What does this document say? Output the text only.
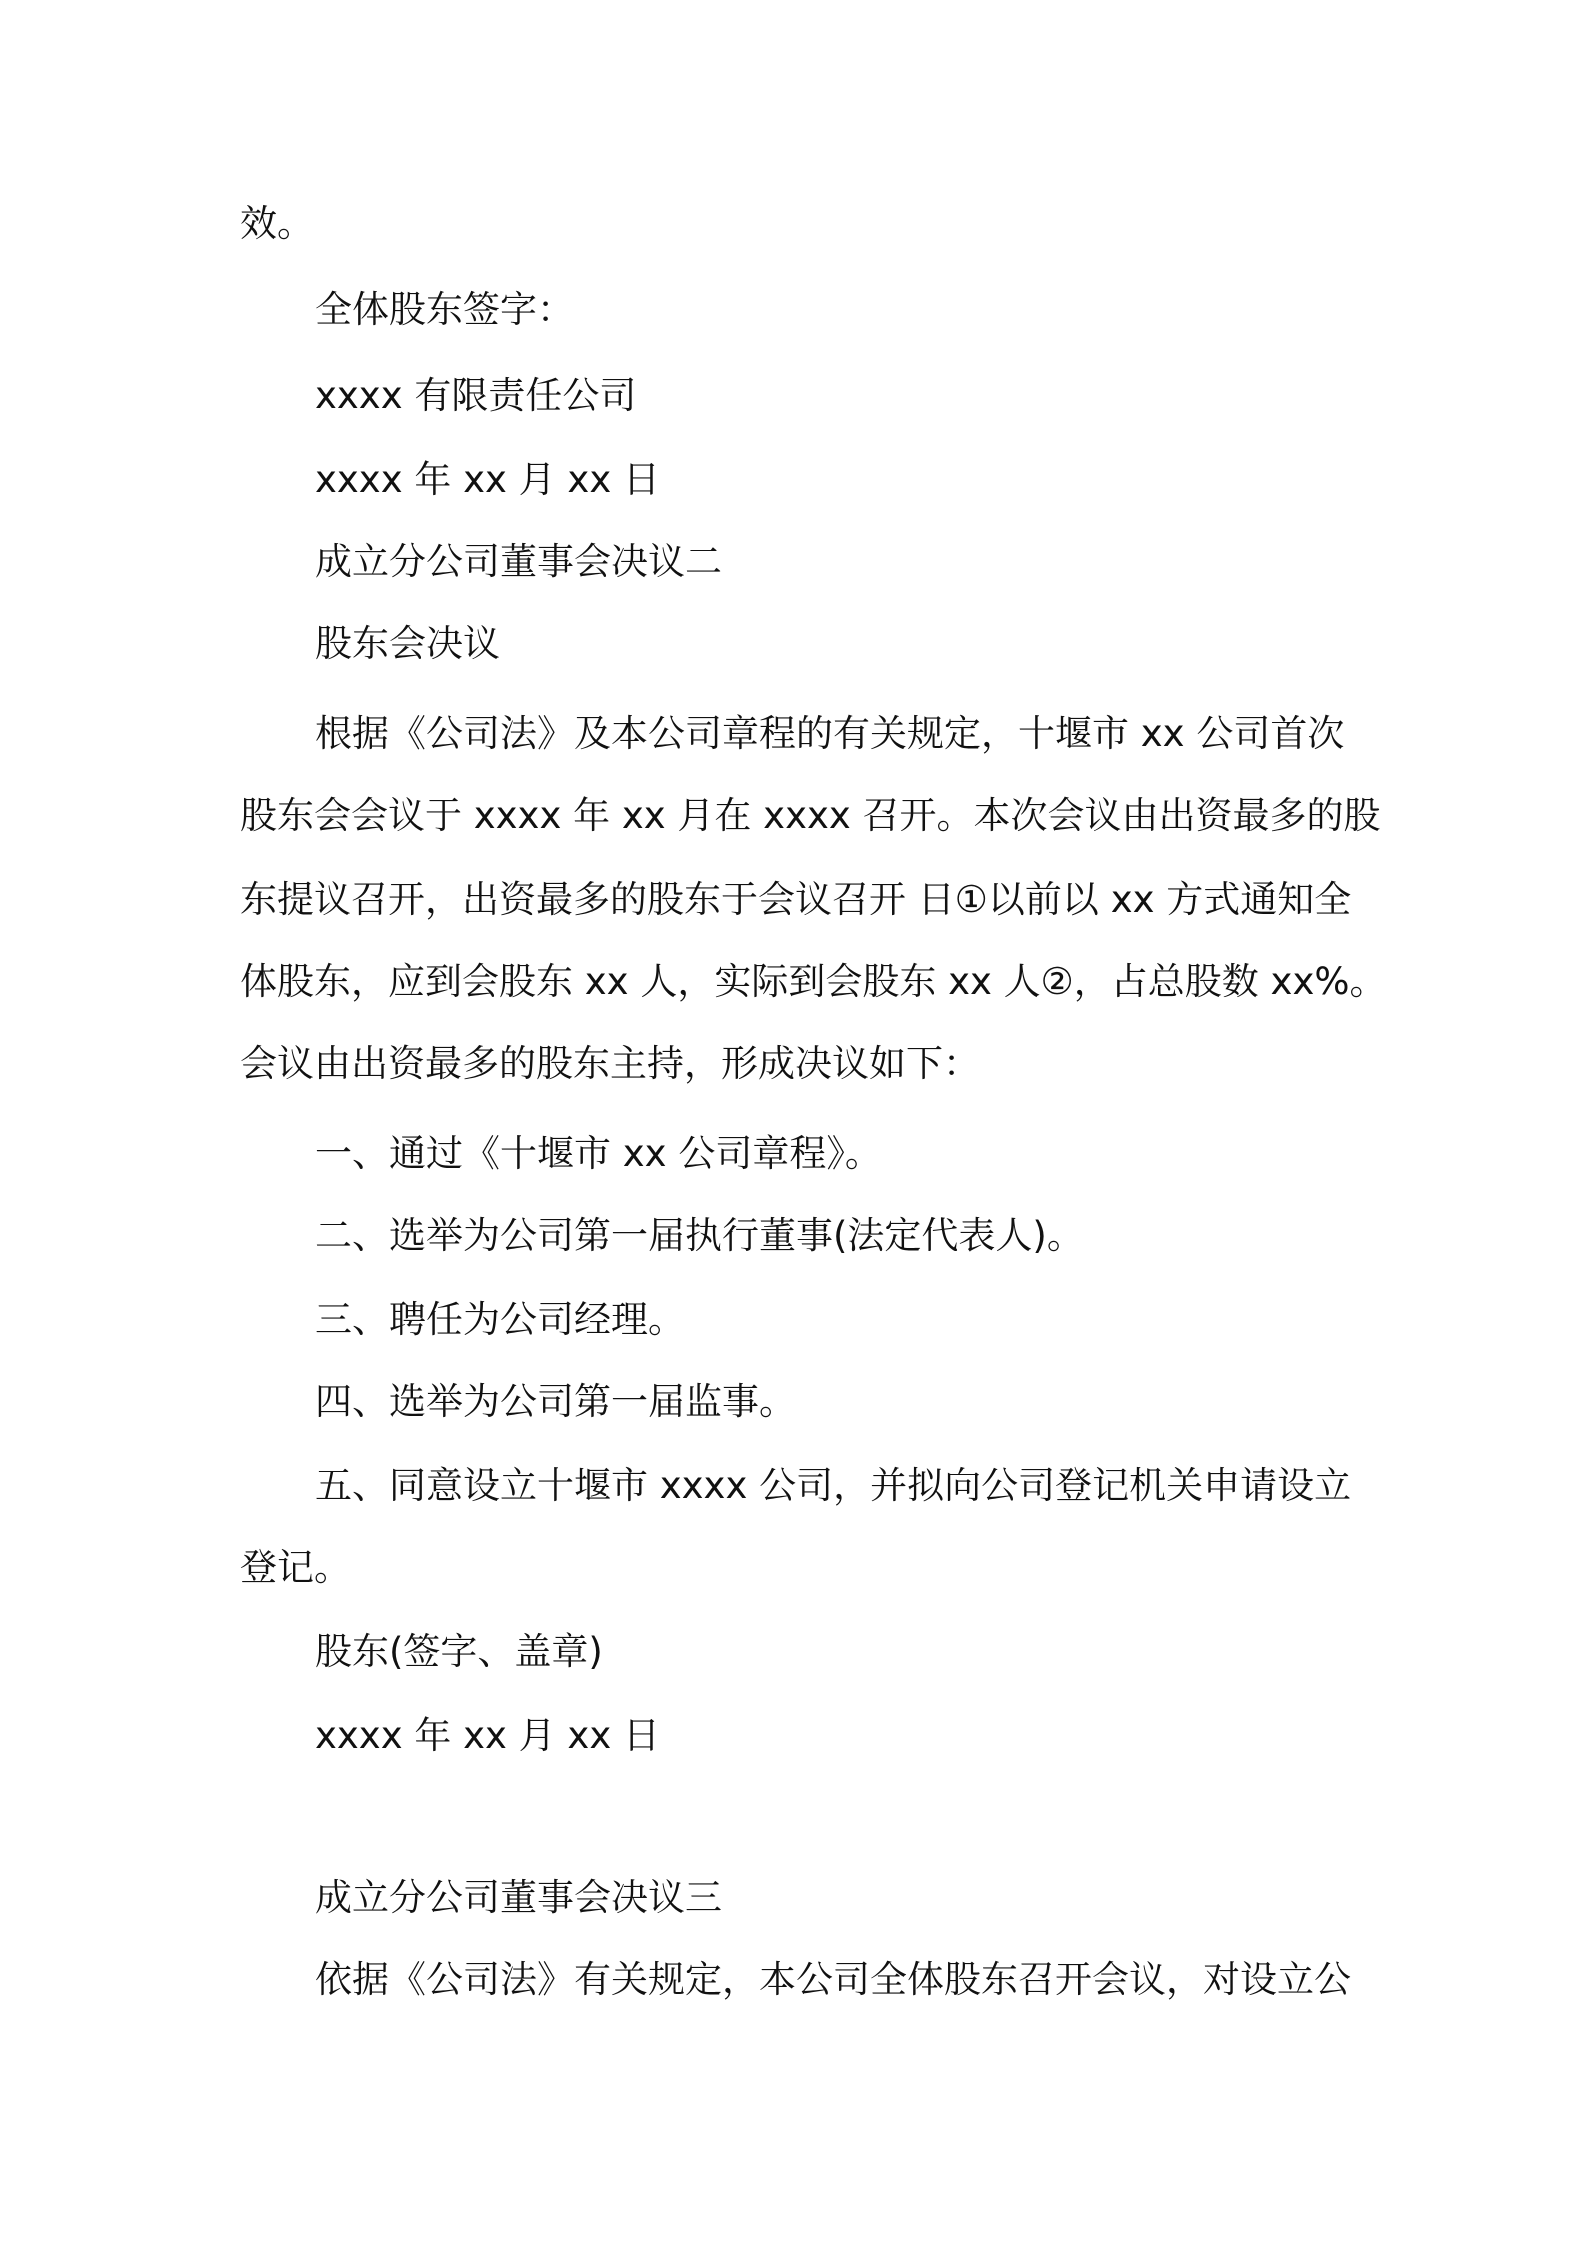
效。

全体股东签字：

xxxx 有限责任公司

xxxx 年 xx 月 xx 日

成立分公司董事会决议二

股东会决议

根据《公司法》及本公司章程的有关规定，十堰市 xx 公司首次

股东会会议于 xxxx 年 xx 月在 xxxx 召开。本次会议由出资最多的股

东提议召开，出资最多的股东于会议召开 日①以前以 xx 方式通知全

体股东，应到会股东 xx 人，实际到会股东 xx 人②，占总股数 xx%。

会议由出资最多的股东主持，形成决议如下：

一、通过《十堰市 xx 公司章程》。

二、选举为公司第一届执行董事(法定代表人)。

三、聘任为公司经理。

四、选举为公司第一届监事。

五、同意设立十堰市 xxxx 公司，并拟向公司登记机关申请设立

登记。

股东(签字、盖章)

xxxx 年 xx 月 xx 日

成立分公司董事会决议三

依据《公司法》有关规定，本公司全体股东召开会议，对设立公
